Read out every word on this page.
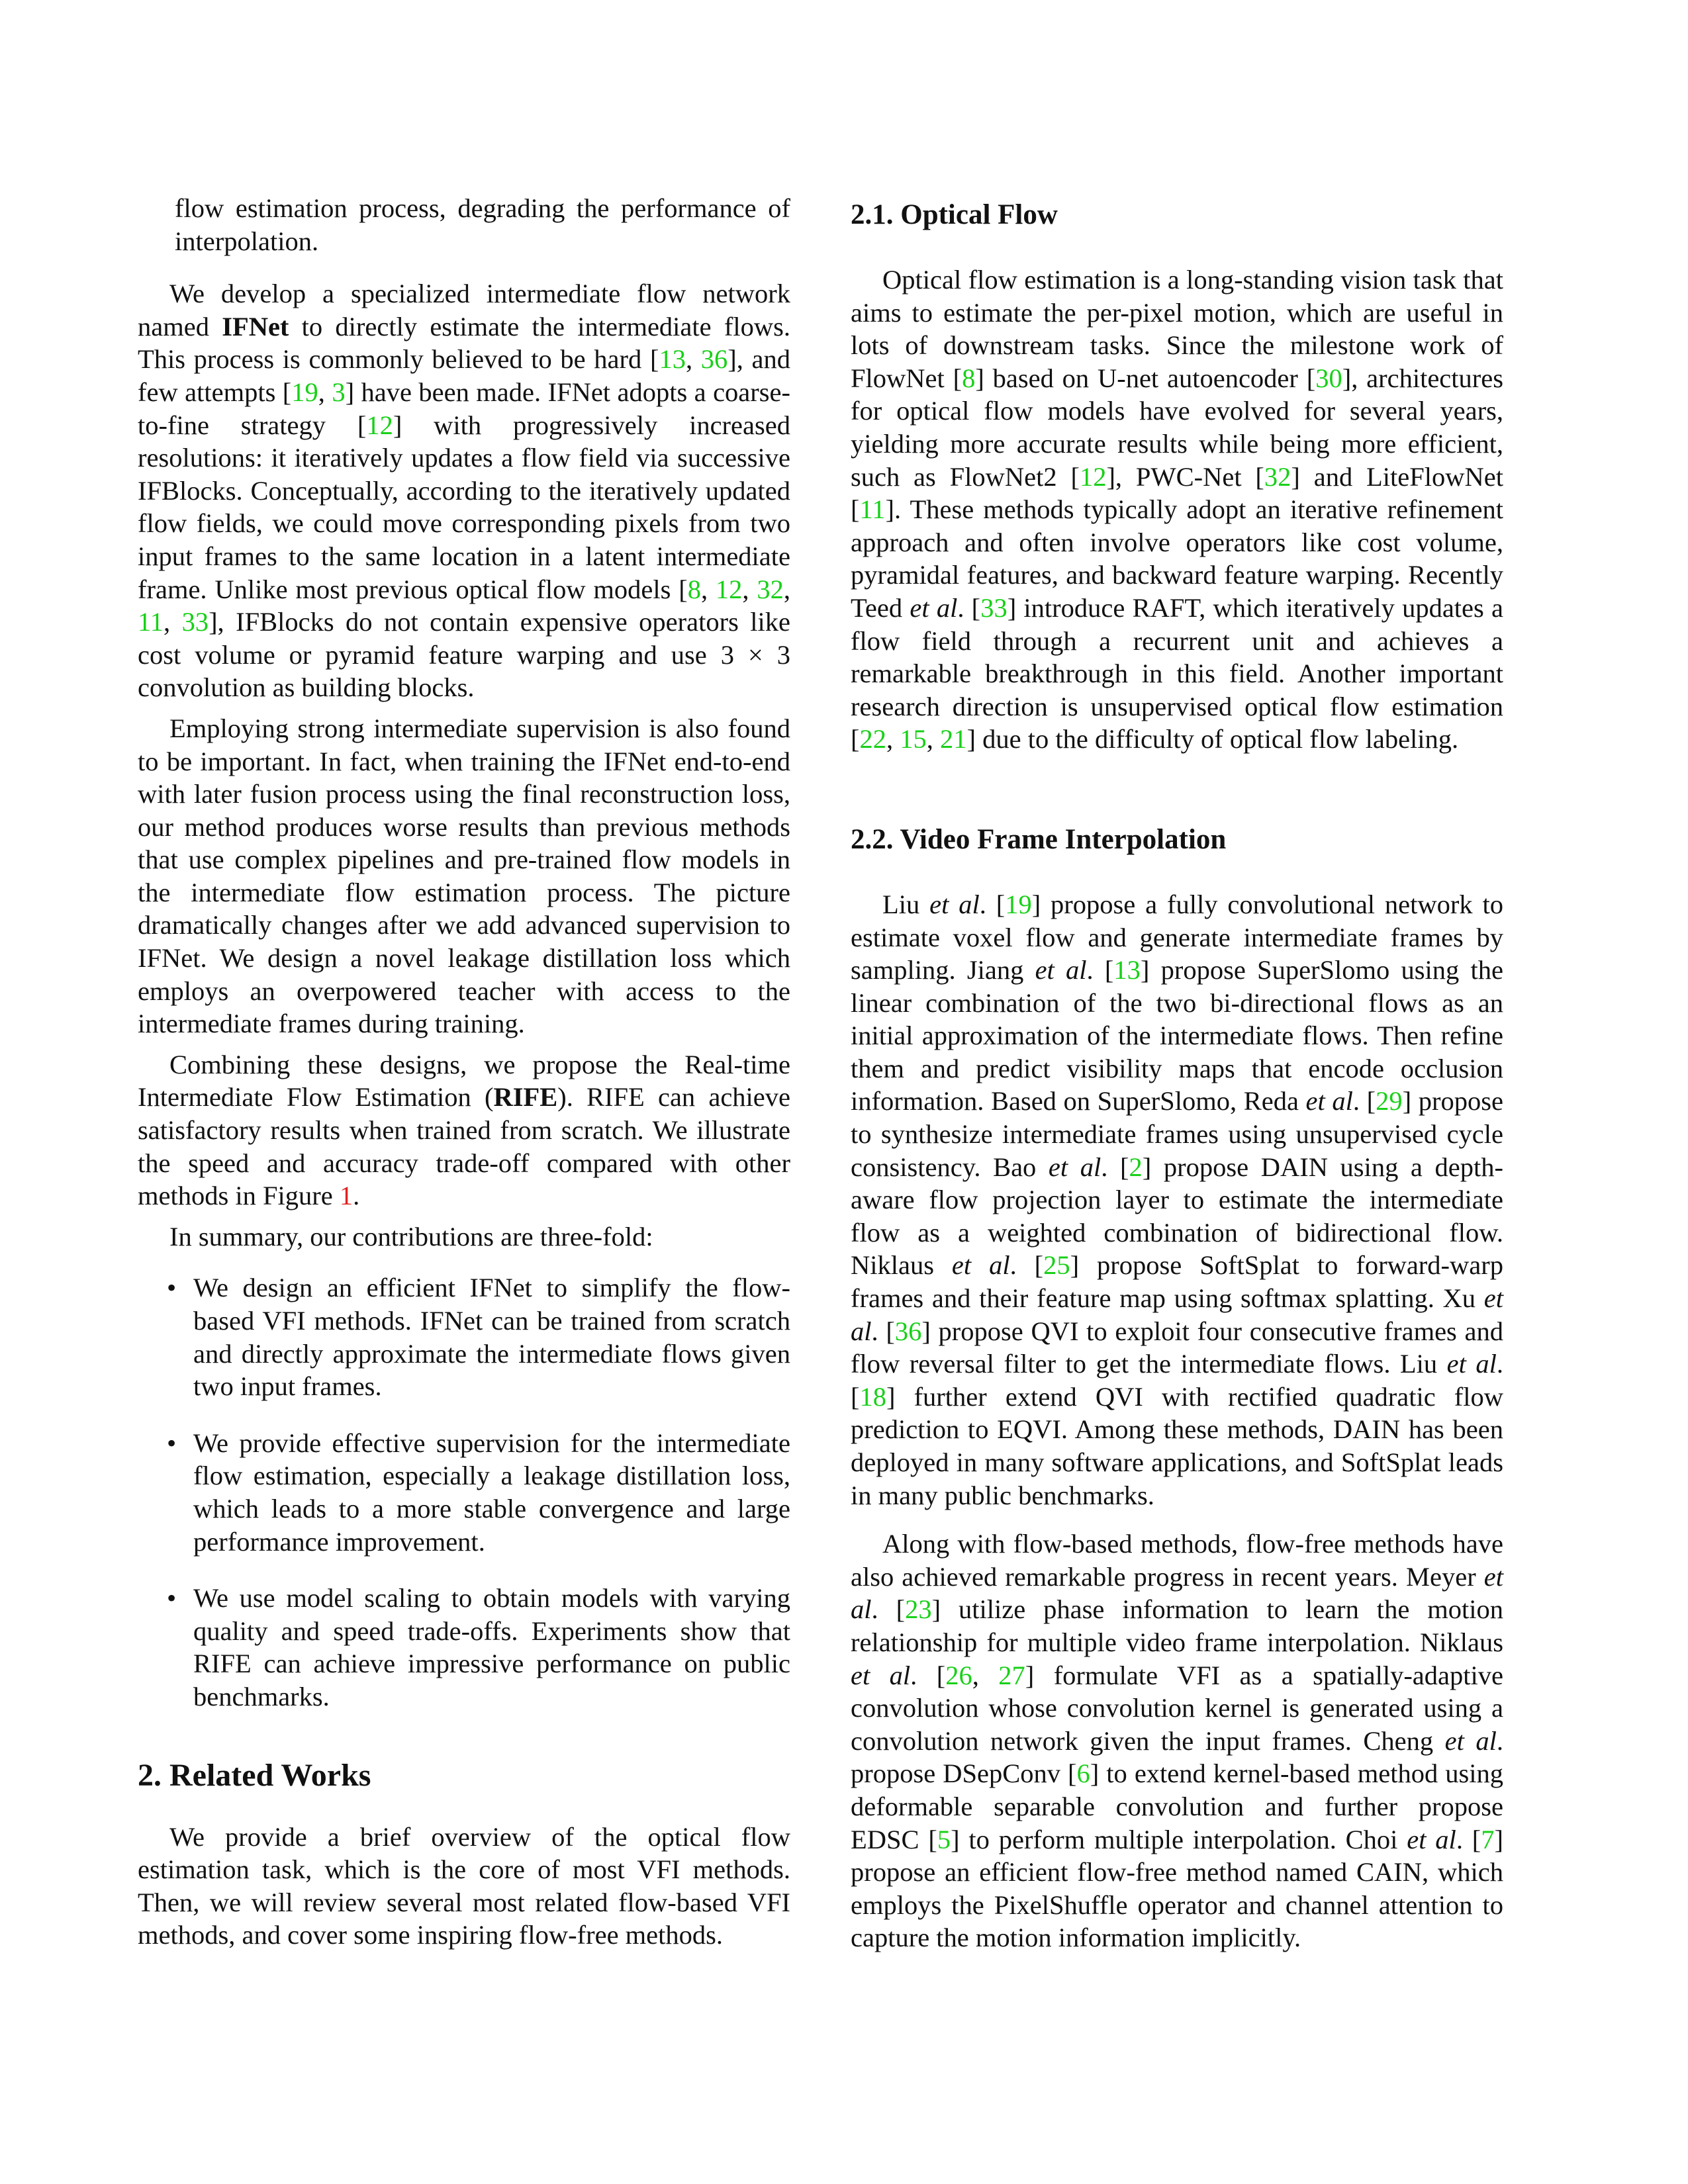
flow estimation process, degrading the performance of interpolation.

We develop a specialized intermediate flow network named IFNet to directly estimate the intermediate flows. This process is commonly believed to be hard [13, 36], and few attempts [19, 3] have been made. IFNet adopts a coarse-to-fine strategy [12] with progressively increased resolutions: it iteratively updates a flow field via successive IFBlocks. Conceptually, according to the iteratively updated flow fields, we could move corresponding pixels from two input frames to the same location in a latent intermediate frame. Unlike most previous optical flow models [8, 12, 32, 11, 33], IFBlocks do not contain expensive operators like cost volume or pyramid feature warping and use 3 × 3 convolution as building blocks.

Employing strong intermediate supervision is also found to be important. In fact, when training the IFNet end-to-end with later fusion process using the final reconstruction loss, our method produces worse results than previous methods that use complex pipelines and pre-trained flow models in the intermediate flow estimation process. The picture dramatically changes after we add advanced supervision to IFNet. We design a novel leakage distillation loss which employs an overpowered teacher with access to the intermediate frames during training.

Combining these designs, we propose the Real-time Intermediate Flow Estimation (RIFE). RIFE can achieve satisfactory results when trained from scratch. We illustrate the speed and accuracy trade-off compared with other methods in Figure 1.

In summary, our contributions are three-fold:

• We design an efficient IFNet to simplify the flow-based VFI methods. IFNet can be trained from scratch and directly approximate the intermediate flows given two input frames.
• We provide effective supervision for the intermediate flow estimation, especially a leakage distillation loss, which leads to a more stable convergence and large performance improvement.
• We use model scaling to obtain models with varying quality and speed trade-offs. Experiments show that RIFE can achieve impressive performance on public benchmarks.
2. Related Works

We provide a brief overview of the optical flow estimation task, which is the core of most VFI methods. Then, we will review several most related flow-based VFI methods, and cover some inspiring flow-free methods.

2.1. Optical Flow

Optical flow estimation is a long-standing vision task that aims to estimate the per-pixel motion, which are useful in lots of downstream tasks. Since the milestone work of FlowNet [8] based on U-net autoencoder [30], architectures for optical flow models have evolved for several years, yielding more accurate results while being more efficient, such as FlowNet2 [12], PWC-Net [32] and LiteFlowNet [11]. These methods typically adopt an iterative refinement approach and often involve operators like cost volume, pyramidal features, and backward feature warping. Recently Teed et al. [33] introduce RAFT, which iteratively updates a flow field through a recurrent unit and achieves a remarkable breakthrough in this field. Another important research direction is unsupervised optical flow estimation [22, 15, 21] due to the difficulty of optical flow labeling.

2.2. Video Frame Interpolation

Liu et al. [19] propose a fully convolutional network to estimate voxel flow and generate intermediate frames by sampling. Jiang et al. [13] propose SuperSlomo using the linear combination of the two bi-directional flows as an initial approximation of the intermediate flows. Then refine them and predict visibility maps that encode occlusion information. Based on SuperSlomo, Reda et al. [29] propose to synthesize intermediate frames using unsupervised cycle consistency. Bao et al. [2] propose DAIN using a depth-aware flow projection layer to estimate the intermediate flow as a weighted combination of bidirectional flow. Niklaus et al. [25] propose SoftSplat to forward-warp frames and their feature map using softmax splatting. Xu et al. [36] propose QVI to exploit four consecutive frames and flow reversal filter to get the intermediate flows. Liu et al. [18] further extend QVI with rectified quadratic flow prediction to EQVI. Among these methods, DAIN has been deployed in many software applications, and SoftSplat leads in many public benchmarks.

Along with flow-based methods, flow-free methods have also achieved remarkable progress in recent years. Meyer et al. [23] utilize phase information to learn the motion relationship for multiple video frame interpolation. Niklaus et al. [26, 27] formulate VFI as a spatially-adaptive convolution whose convolution kernel is generated using a convolution network given the input frames. Cheng et al. propose DSepConv [6] to extend kernel-based method using deformable separable convolution and further propose EDSC [5] to perform multiple interpolation. Choi et al. [7] propose an efficient flow-free method named CAIN, which employs the PixelShuffle operator and channel attention to capture the motion information implicitly.
